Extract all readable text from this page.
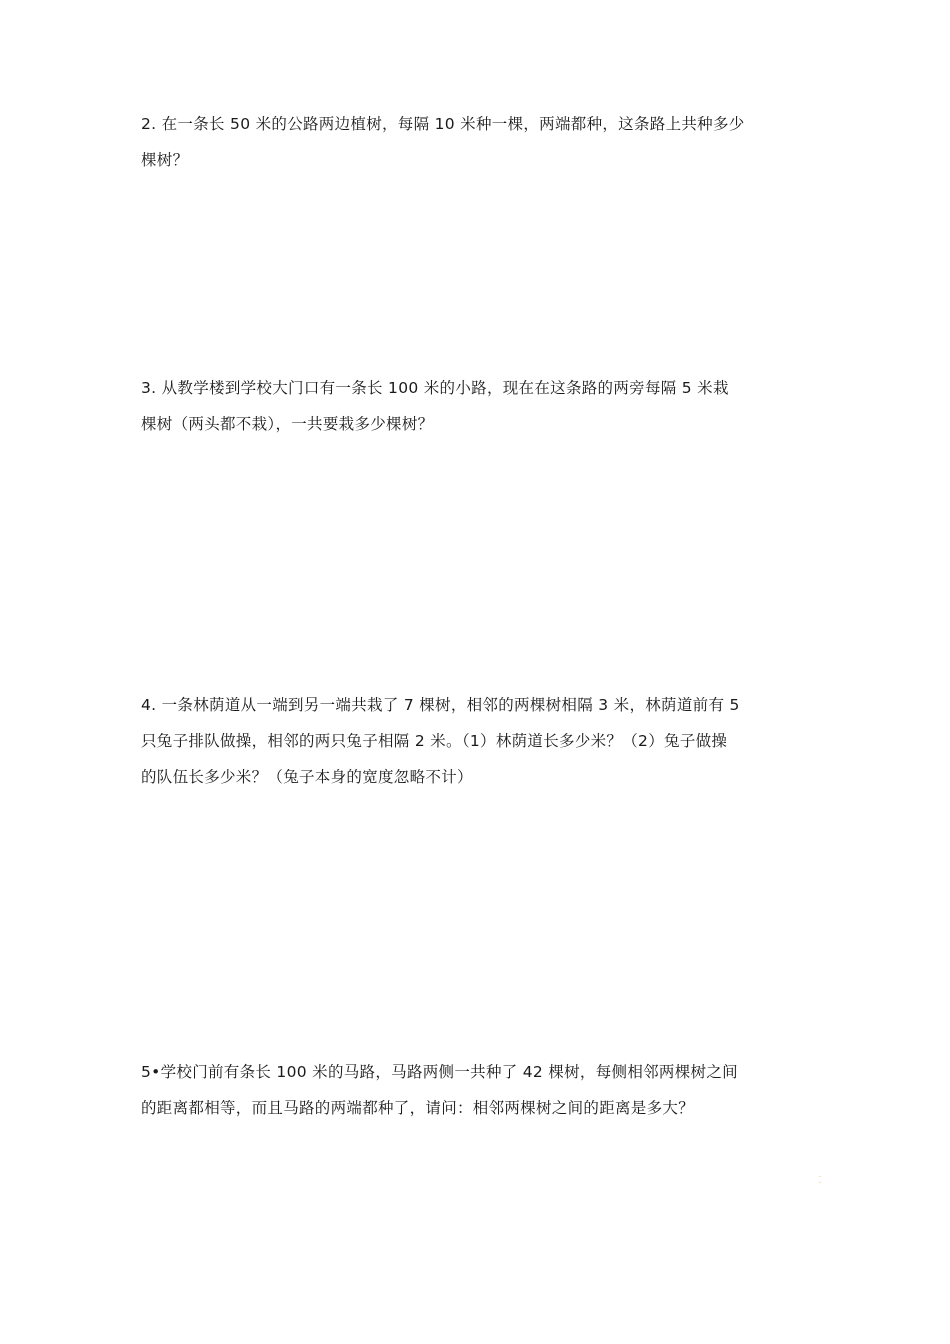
2. 在一条长 50 米的公路两边植树，每隔 10 米种一棵，两端都种，这条路上共种多少
棵树？

3. 从教学楼到学校大门口有一条长 100 米的小路，现在在这条路的两旁每隔 5 米栽
棵树（两头都不栽），一共要栽多少棵树？

4. 一条林荫道从一端到另一端共栽了 7 棵树，相邻的两棵树相隔 3 米，林荫道前有 5
只兔子排队做操，相邻的两只兔子相隔 2 米。（1）林荫道长多少米？（2）兔子做操
的队伍长多少米？（兔子本身的宽度忽略不计）

5•学校门前有条长 100 米的马路，马路两侧一共种了 42 棵树，每侧相邻两棵树之间
的距离都相等，而且马路的两端都种了，请问：相邻两棵树之间的距离是多大？

··
··
